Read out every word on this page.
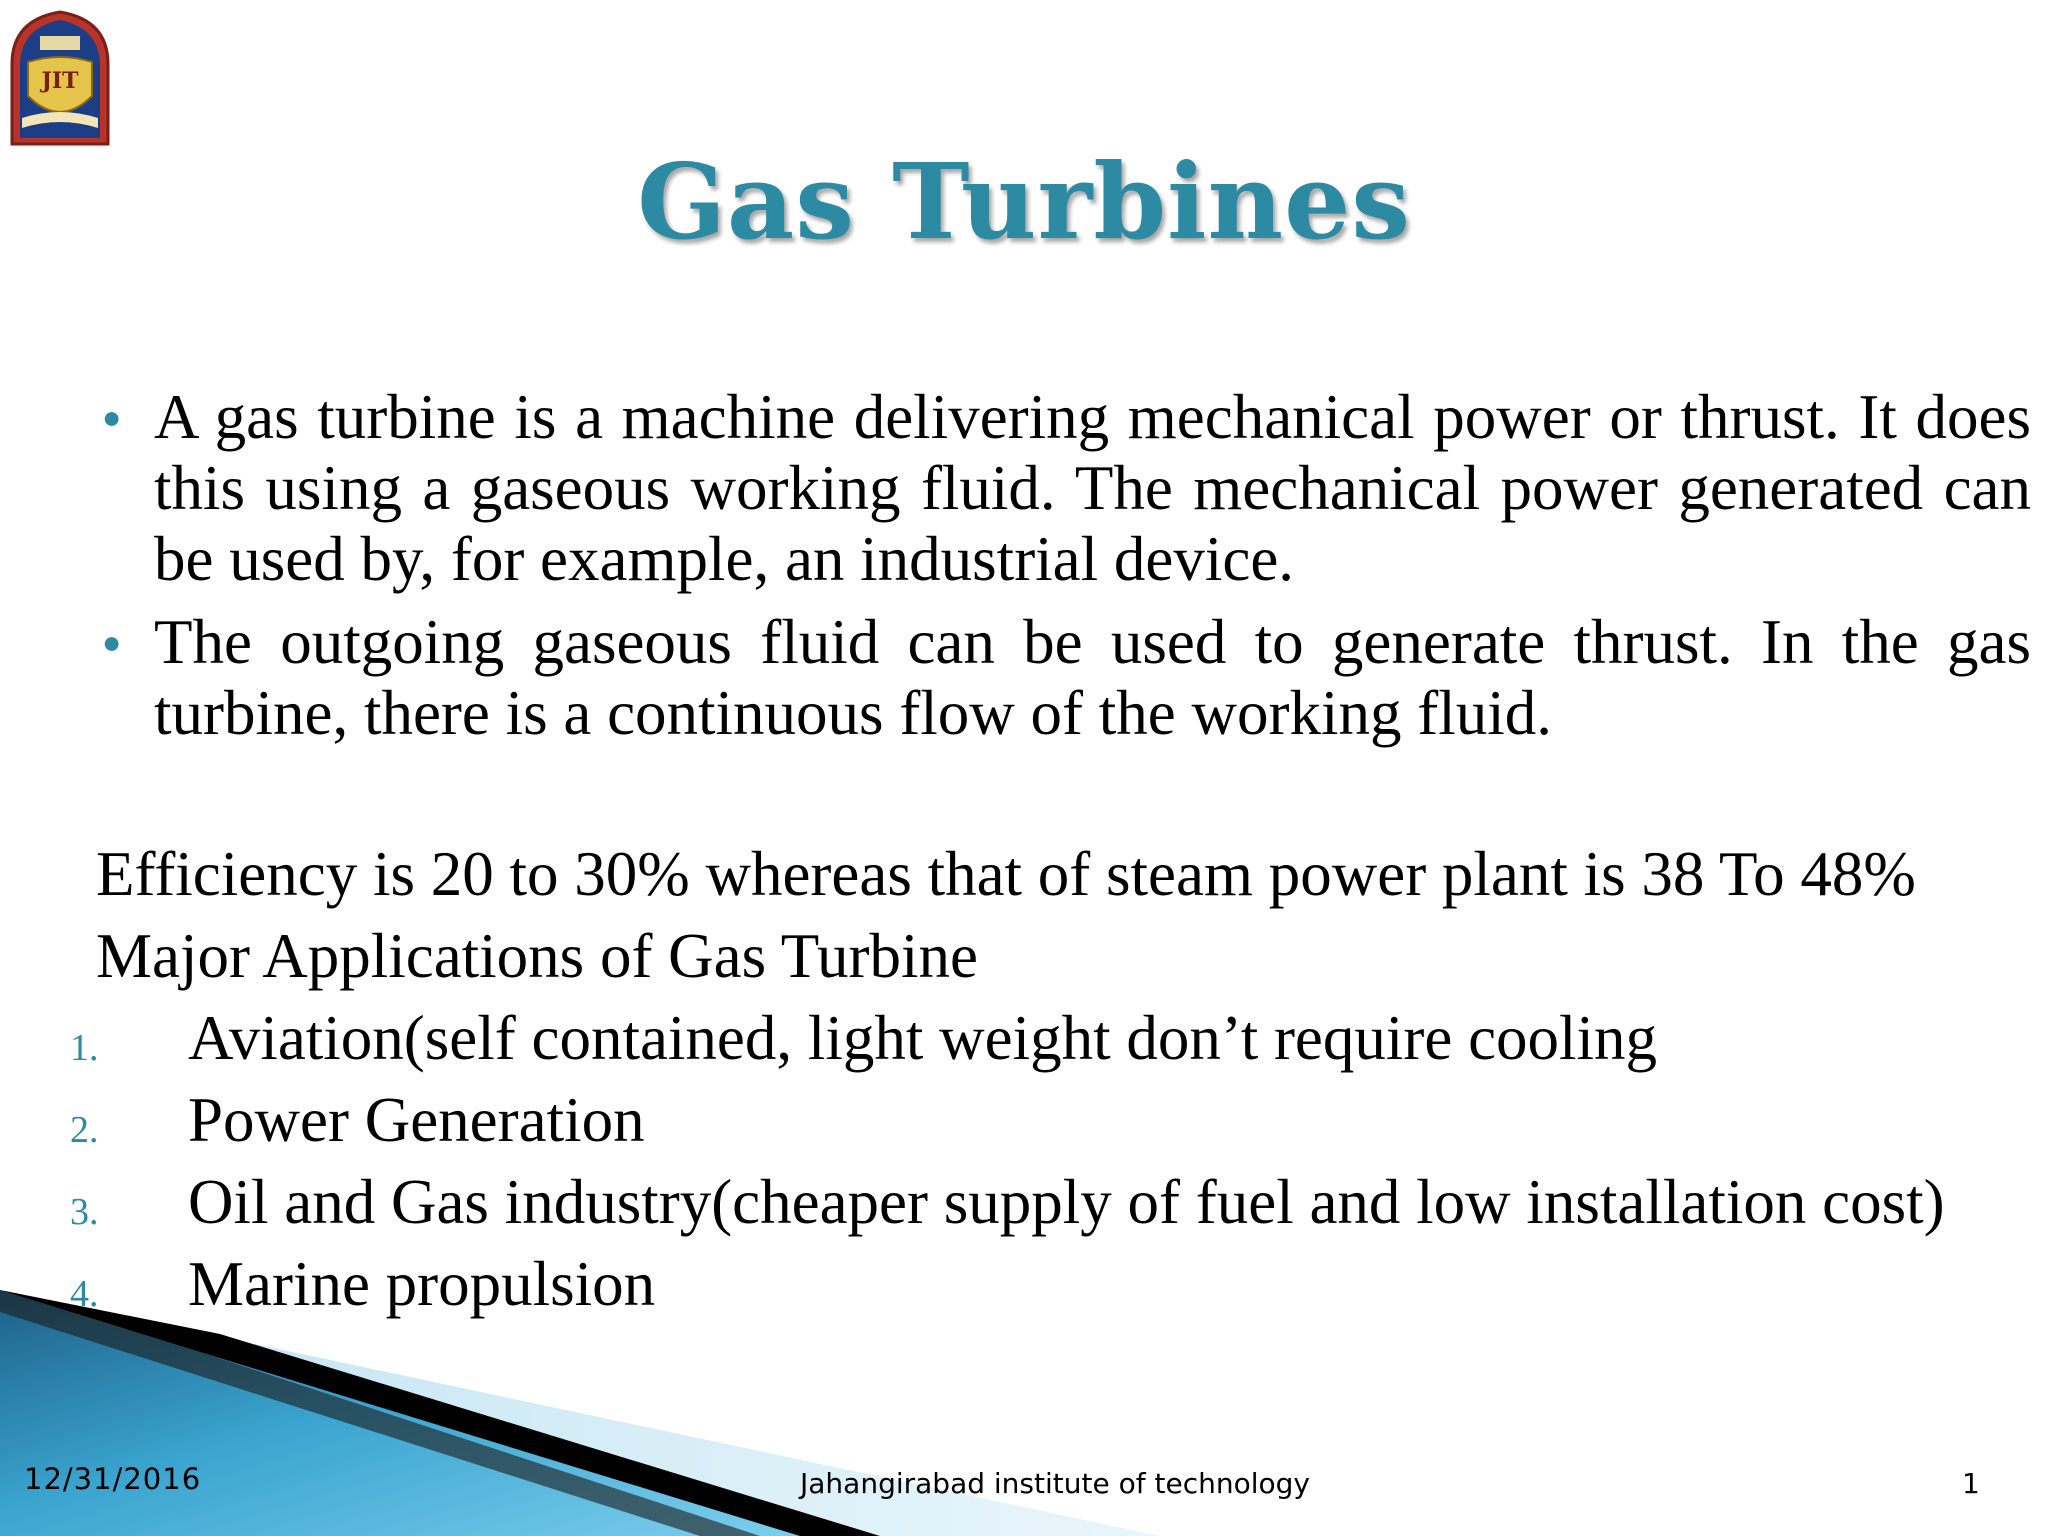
JIT
Gas Turbines
● A gas turbine is a machine delivering mechanical power or thrust. It does this using a gaseous working fluid. The mechanical power generated can be used by, for example, an industrial device.
● The outgoing gaseous fluid can be used to generate thrust. In the gas turbine, there is a continuous flow of the working fluid.

Efficiency is 20 to 30% whereas that of steam power plant is 38 To 48%

Major Applications of Gas Turbine

1. Aviation(self contained, light weight don’t require cooling
2. Power Generation
3. Oil and Gas industry(cheaper supply of fuel and low installation cost)
4. Marine propulsion
12/31/2016	Jahangirabad institute of technology	1
